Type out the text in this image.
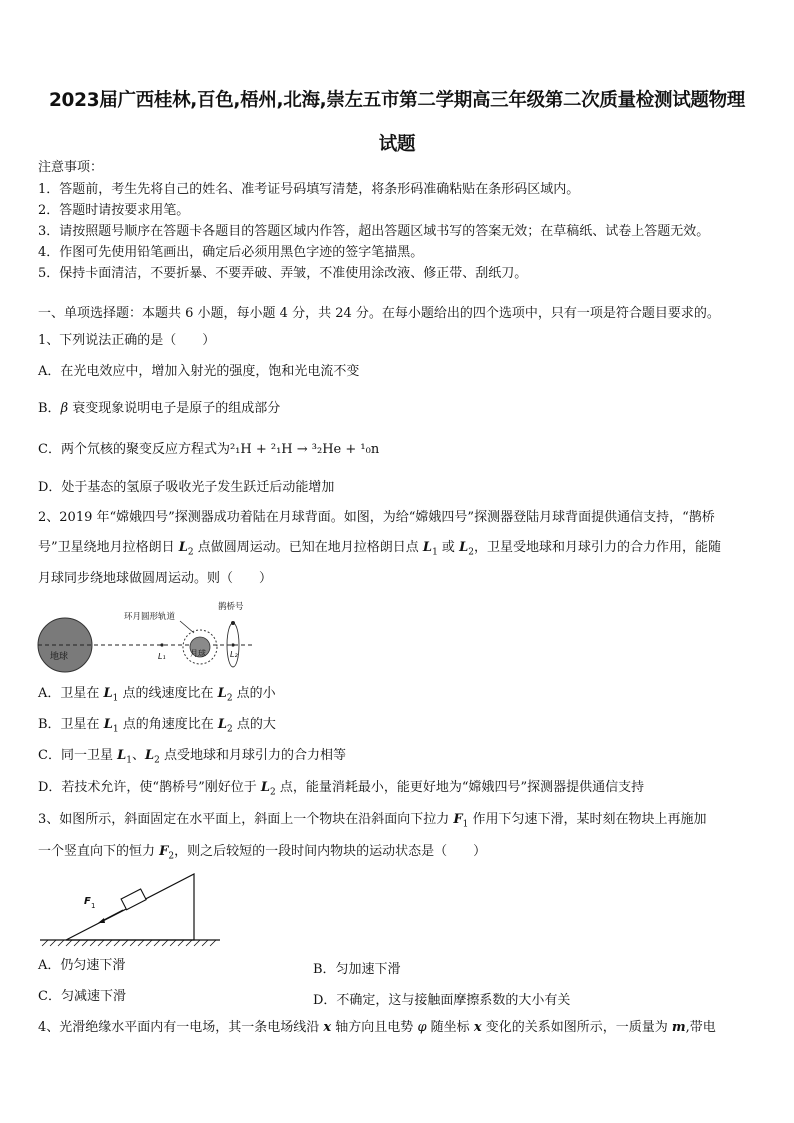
2023届广西桂林,百色,梧州,北海,崇左五市第二学期高三年级第二次质量检测试题物理
试题
注意事项：
1．答题前，考生先将自己的姓名、准考证号码填写清楚，将条形码准确粘贴在条形码区域内。
2．答题时请按要求用笔。
3．请按照题号顺序在答题卡各题目的答题区域内作答，超出答题区域书写的答案无效；在草稿纸、试卷上答题无效。
4．作图可先使用铅笔画出，确定后必须用黑色字迹的签字笔描黑。
5．保持卡面清洁，不要折暴、不要弄破、弄皱，不准使用涂改液、修正带、刮纸刀。
一、单项选择题：本题共 6 小题，每小题 4 分，共 24 分。在每小题给出的四个选项中，只有一项是符合题目要求的。
1、下列说法正确的是（　　）
A．在光电效应中，增加入射光的强度，饱和光电流不变
B．β 衰变现象说明电子是原子的组成部分
C．两个氘核的聚变反应方程式为²₁H + ²₁H → ³₂He + ¹₀n
D．处于基态的氢原子吸收光子发生跃迁后动能增加
2、2019 年“嫦娥四号”探测器成功着陆在月球背面。如图，为给“嫦娥四号”探测器登陆月球背面提供通信支持，“鹊桥
号”卫星绕地月拉格朗日 $L_2$ 点做圆周运动。已知在地月拉格朗日点 $L_1$ 或 $L_2$，卫星受地球和月球引力的合力作用，能随
月球同步绕地球做圆周运动。则（　　）
地球	月球
环月圆形轨道
鹊桥号
L₁	L₂
A．卫星在 $L_1$ 点的线速度比在 $L_2$ 点的小
B．卫星在 $L_1$ 点的角速度比在 $L_2$ 点的大
C．同一卫星 $L_1$、$L_2$ 点受地球和月球引力的合力相等
D．若技术允许，使“鹊桥号”刚好位于 $L_2$ 点，能量消耗最小，能更好地为“嫦娥四号”探测器提供通信支持
3、如图所示，斜面固定在水平面上，斜面上一个物块在沿斜面向下拉力 $F_1$ 作用下匀速下滑，某时刻在物块上再施加
一个竖直向下的恒力 $F_2$，则之后较短的一段时间内物块的运动状态是（　　）
F 1
A．仍匀速下滑	B．匀加速下滑
C．匀减速下滑	D．不确定，这与接触面摩擦系数的大小有关
4、光滑绝缘水平面内有一电场，其一条电场线沿 x 轴方向且电势 φ 随坐标 x 变化的关系如图所示，一质量为 m,带电
